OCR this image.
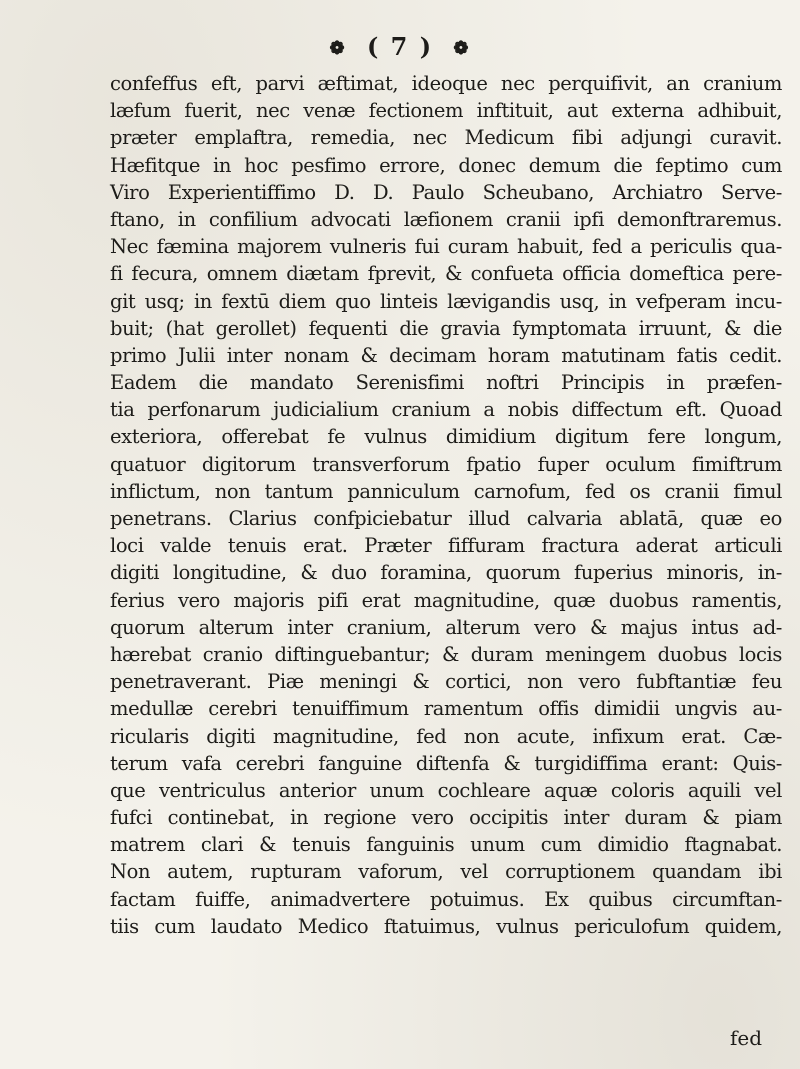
❁ ( 7 ) ❁
confeffus eft, parvi æftimat, ideoque nec perquifivit, an cranium
læfum fuerit, nec venæ fectionem inftituit, aut externa adhibuit,
præter emplaftra, remedia, nec Medicum fibi adjungi curavit.
Hæfitque in hoc pesfimo errore, donec demum die feptimo cum
Viro Experientiffimo D. D. Paulo Scheubano, Archiatro Serve-
ftano, in confilium advocati læfionem cranii ipfi demonftraremus.
Nec fæmina majorem vulneris fui curam habuit, fed a periculis qua-
fi fecura, omnem diætam fprevit, & confueta officia domeftica pere-
git usq; in fextū diem quo linteis lævigandis usq, in vefperam incu-
buit; (hat gerollet) fequenti die gravia fymptomata irruunt, & die
primo Julii inter nonam & decimam horam matutinam fatis cedit.
Eadem die mandato Serenisfimi noftri Principis in præfen-
tia perfonarum judicialium cranium a nobis diffectum eft. Quoad
exteriora, offerebat fe vulnus dimidium digitum fere longum,
quatuor digitorum transverforum fpatio fuper oculum fimiftrum
inflictum, non tantum panniculum carnofum, fed os cranii fimul
penetrans. Clarius confpiciebatur illud calvaria ablatā, quæ eo
loci valde tenuis erat. Præter fiffuram fractura aderat articuli
digiti longitudine, & duo foramina, quorum fuperius minoris, in-
ferius vero majoris pifi erat magnitudine, quæ duobus ramentis,
quorum alterum inter cranium, alterum vero & majus intus ad-
hærebat cranio diftinguebantur; & duram meningem duobus locis
penetraverant. Piæ meningi & cortici, non vero fubftantiæ feu
medullæ cerebri tenuiffimum ramentum offis dimidii ungvis au-
ricularis digiti magnitudine, fed non acute, infixum erat. Cæ-
terum vafa cerebri fanguine diftenfa & turgidiffima erant: Quis-
que ventriculus anterior unum cochleare aquæ coloris aquili vel
fufci continebat, in regione vero occipitis inter duram & piam
matrem clari & tenuis fanguinis unum cum dimidio ftagnabat.
Non autem, rupturam vaforum, vel corruptionem quandam ibi
factam fuiffe, animadvertere potuimus. Ex quibus circumftan-
tiis cum laudato Medico ftatuimus, vulnus periculofum quidem,
fed
